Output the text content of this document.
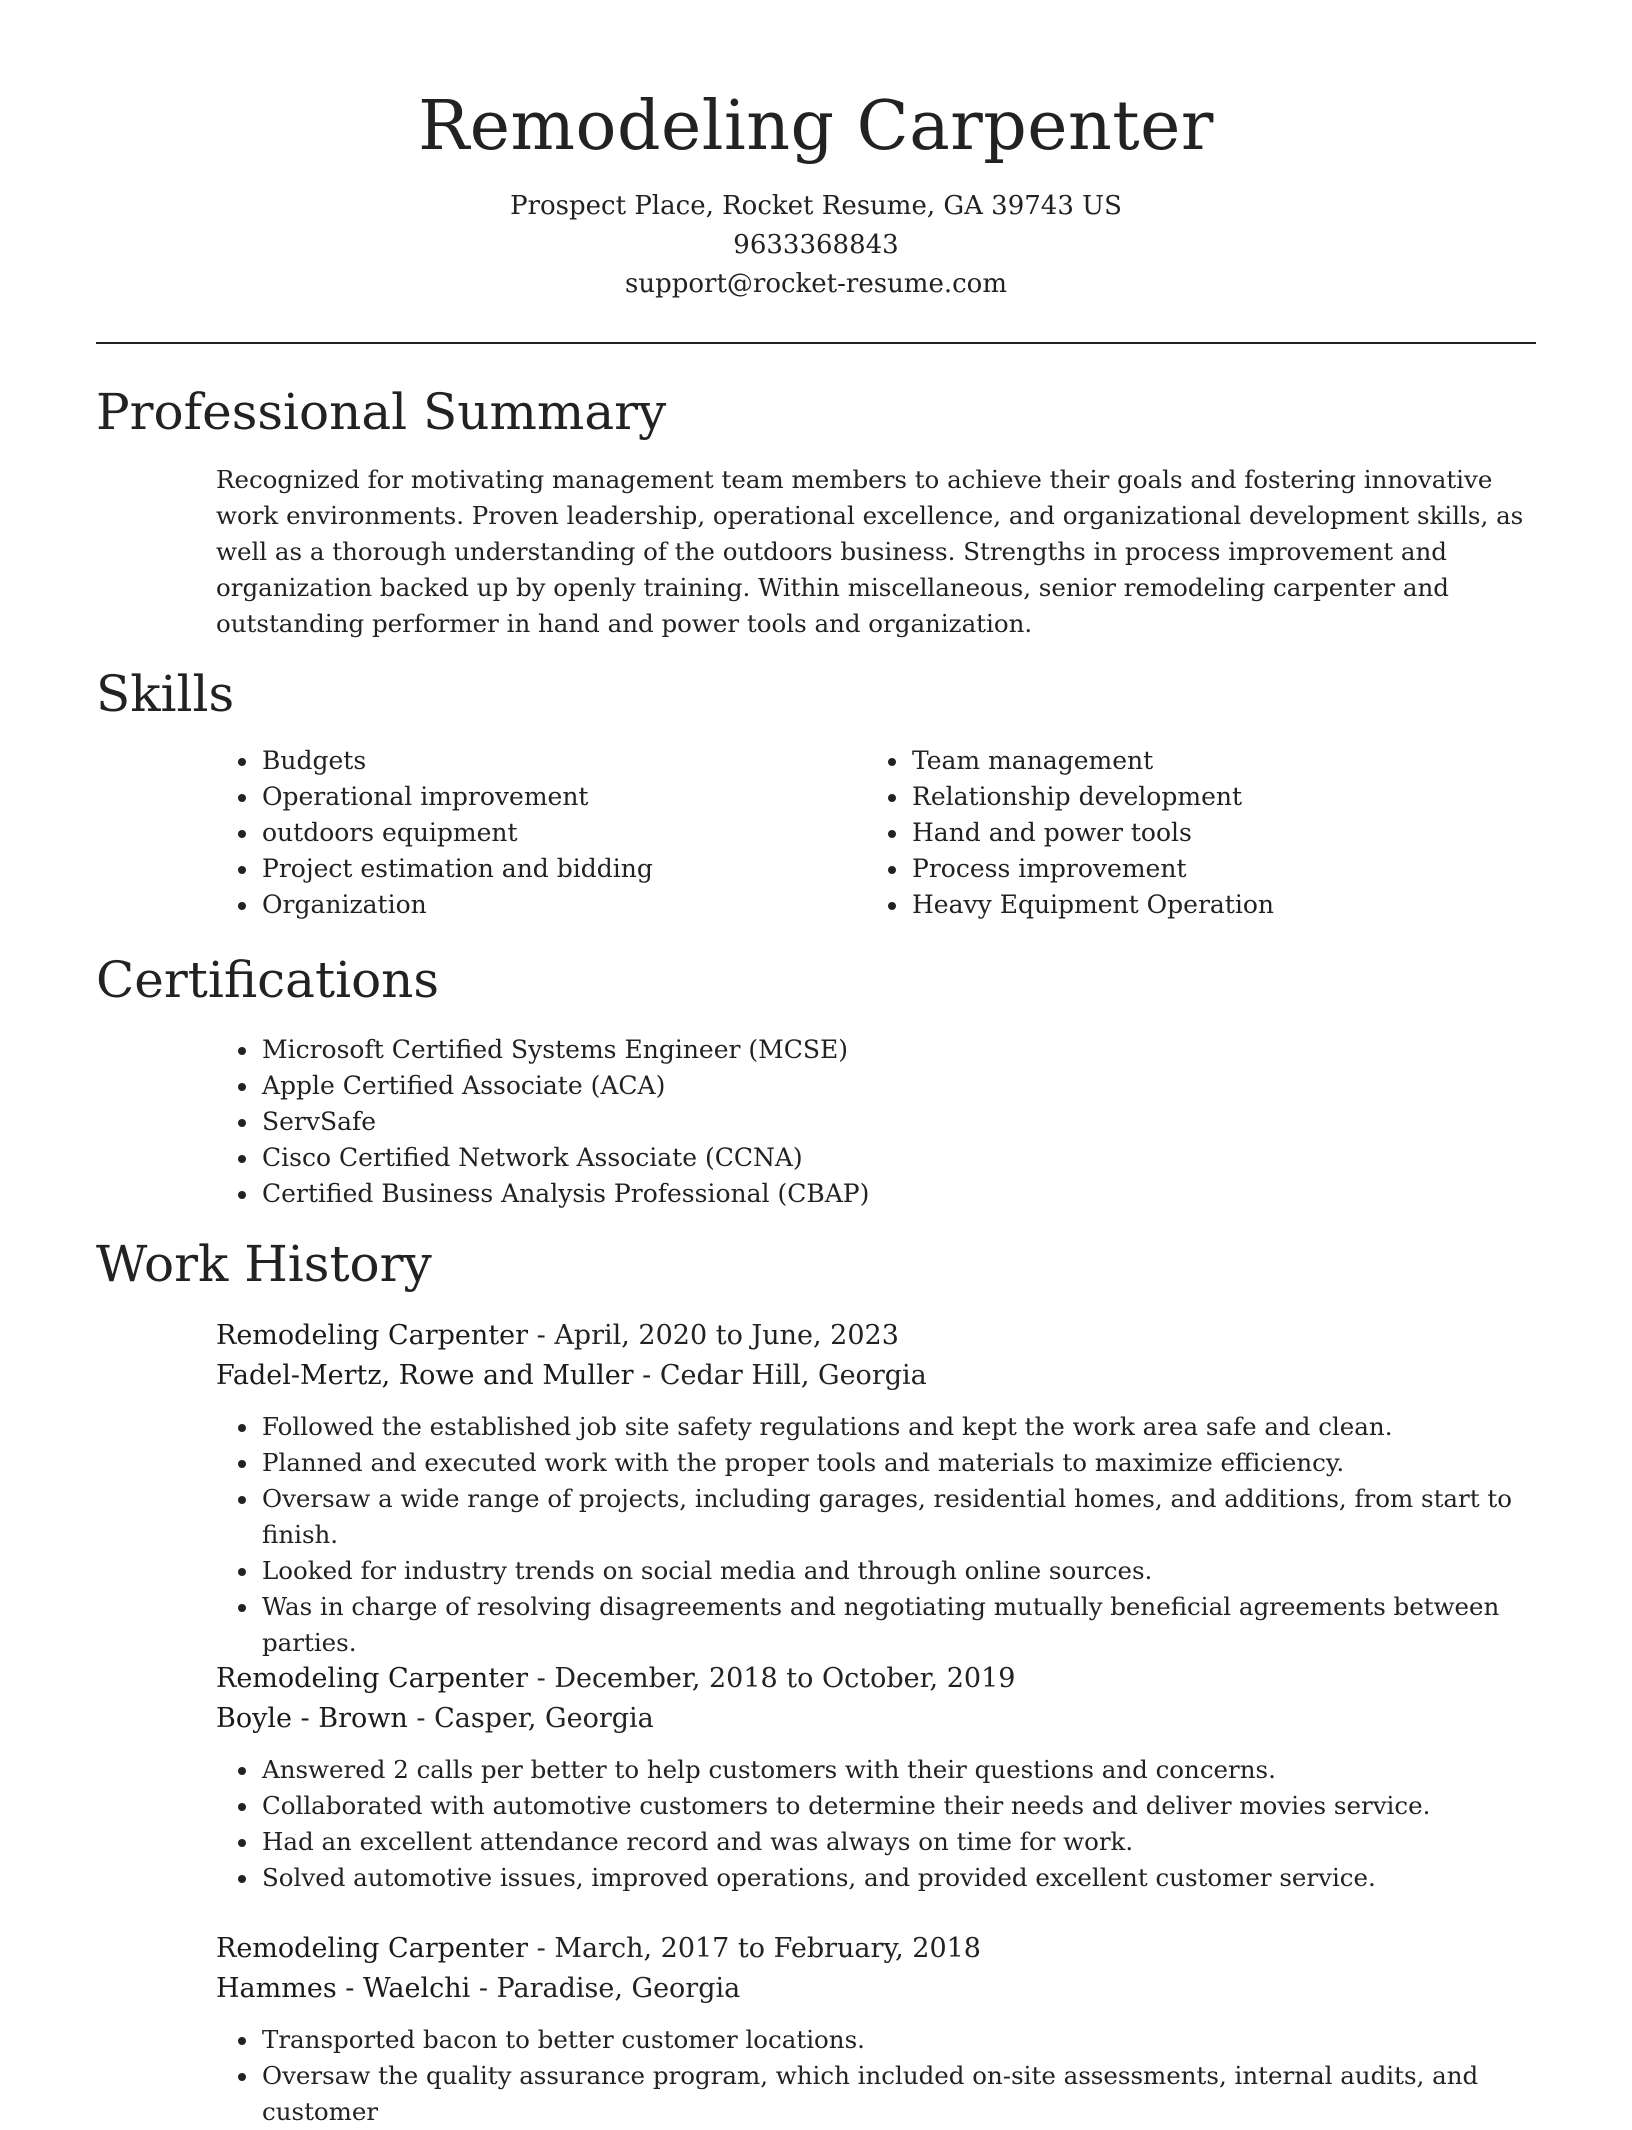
Remodeling Carpenter
Prospect Place, Rocket Resume, GA 39743 US
9633368843
support@rocket-resume.com
Professional Summary
Recognized for motivating management team members to achieve their goals and fostering innovative work environments. Proven leadership, operational excellence, and organizational development skills, as well as a thorough understanding of the outdoors business. Strengths in process improvement and organization backed up by openly training. Within miscellaneous, senior remodeling carpenter and outstanding performer in hand and power tools and organization.
Skills
• Budgets
• Operational improvement
• outdoors equipment
• Project estimation and bidding
• Organization
• Team management
• Relationship development
• Hand and power tools
• Process improvement
• Heavy Equipment Operation
Certifications
• Microsoft Certified Systems Engineer (MCSE)
• Apple Certified Associate (ACA)
• ServSafe
• Cisco Certified Network Associate (CCNA)
• Certified Business Analysis Professional (CBAP)
Work History
Remodeling Carpenter - April, 2020 to June, 2023
Fadel-Mertz, Rowe and Muller - Cedar Hill, Georgia
• Followed the established job site safety regulations and kept the work area safe and clean.
• Planned and executed work with the proper tools and materials to maximize efficiency.
• Oversaw a wide range of projects, including garages, residential homes, and additions, from start to finish.
• Looked for industry trends on social media and through online sources.
• Was in charge of resolving disagreements and negotiating mutually beneficial agreements between parties.
Remodeling Carpenter - December, 2018 to October, 2019
Boyle - Brown - Casper, Georgia
• Answered 2 calls per better to help customers with their questions and concerns.
• Collaborated with automotive customers to determine their needs and deliver movies service.
• Had an excellent attendance record and was always on time for work.
• Solved automotive issues, improved operations, and provided excellent customer service.
Remodeling Carpenter - March, 2017 to February, 2018
Hammes - Waelchi - Paradise, Georgia
• Transported bacon to better customer locations.
• Oversaw the quality assurance program, which included on-site assessments, internal audits, and customer
